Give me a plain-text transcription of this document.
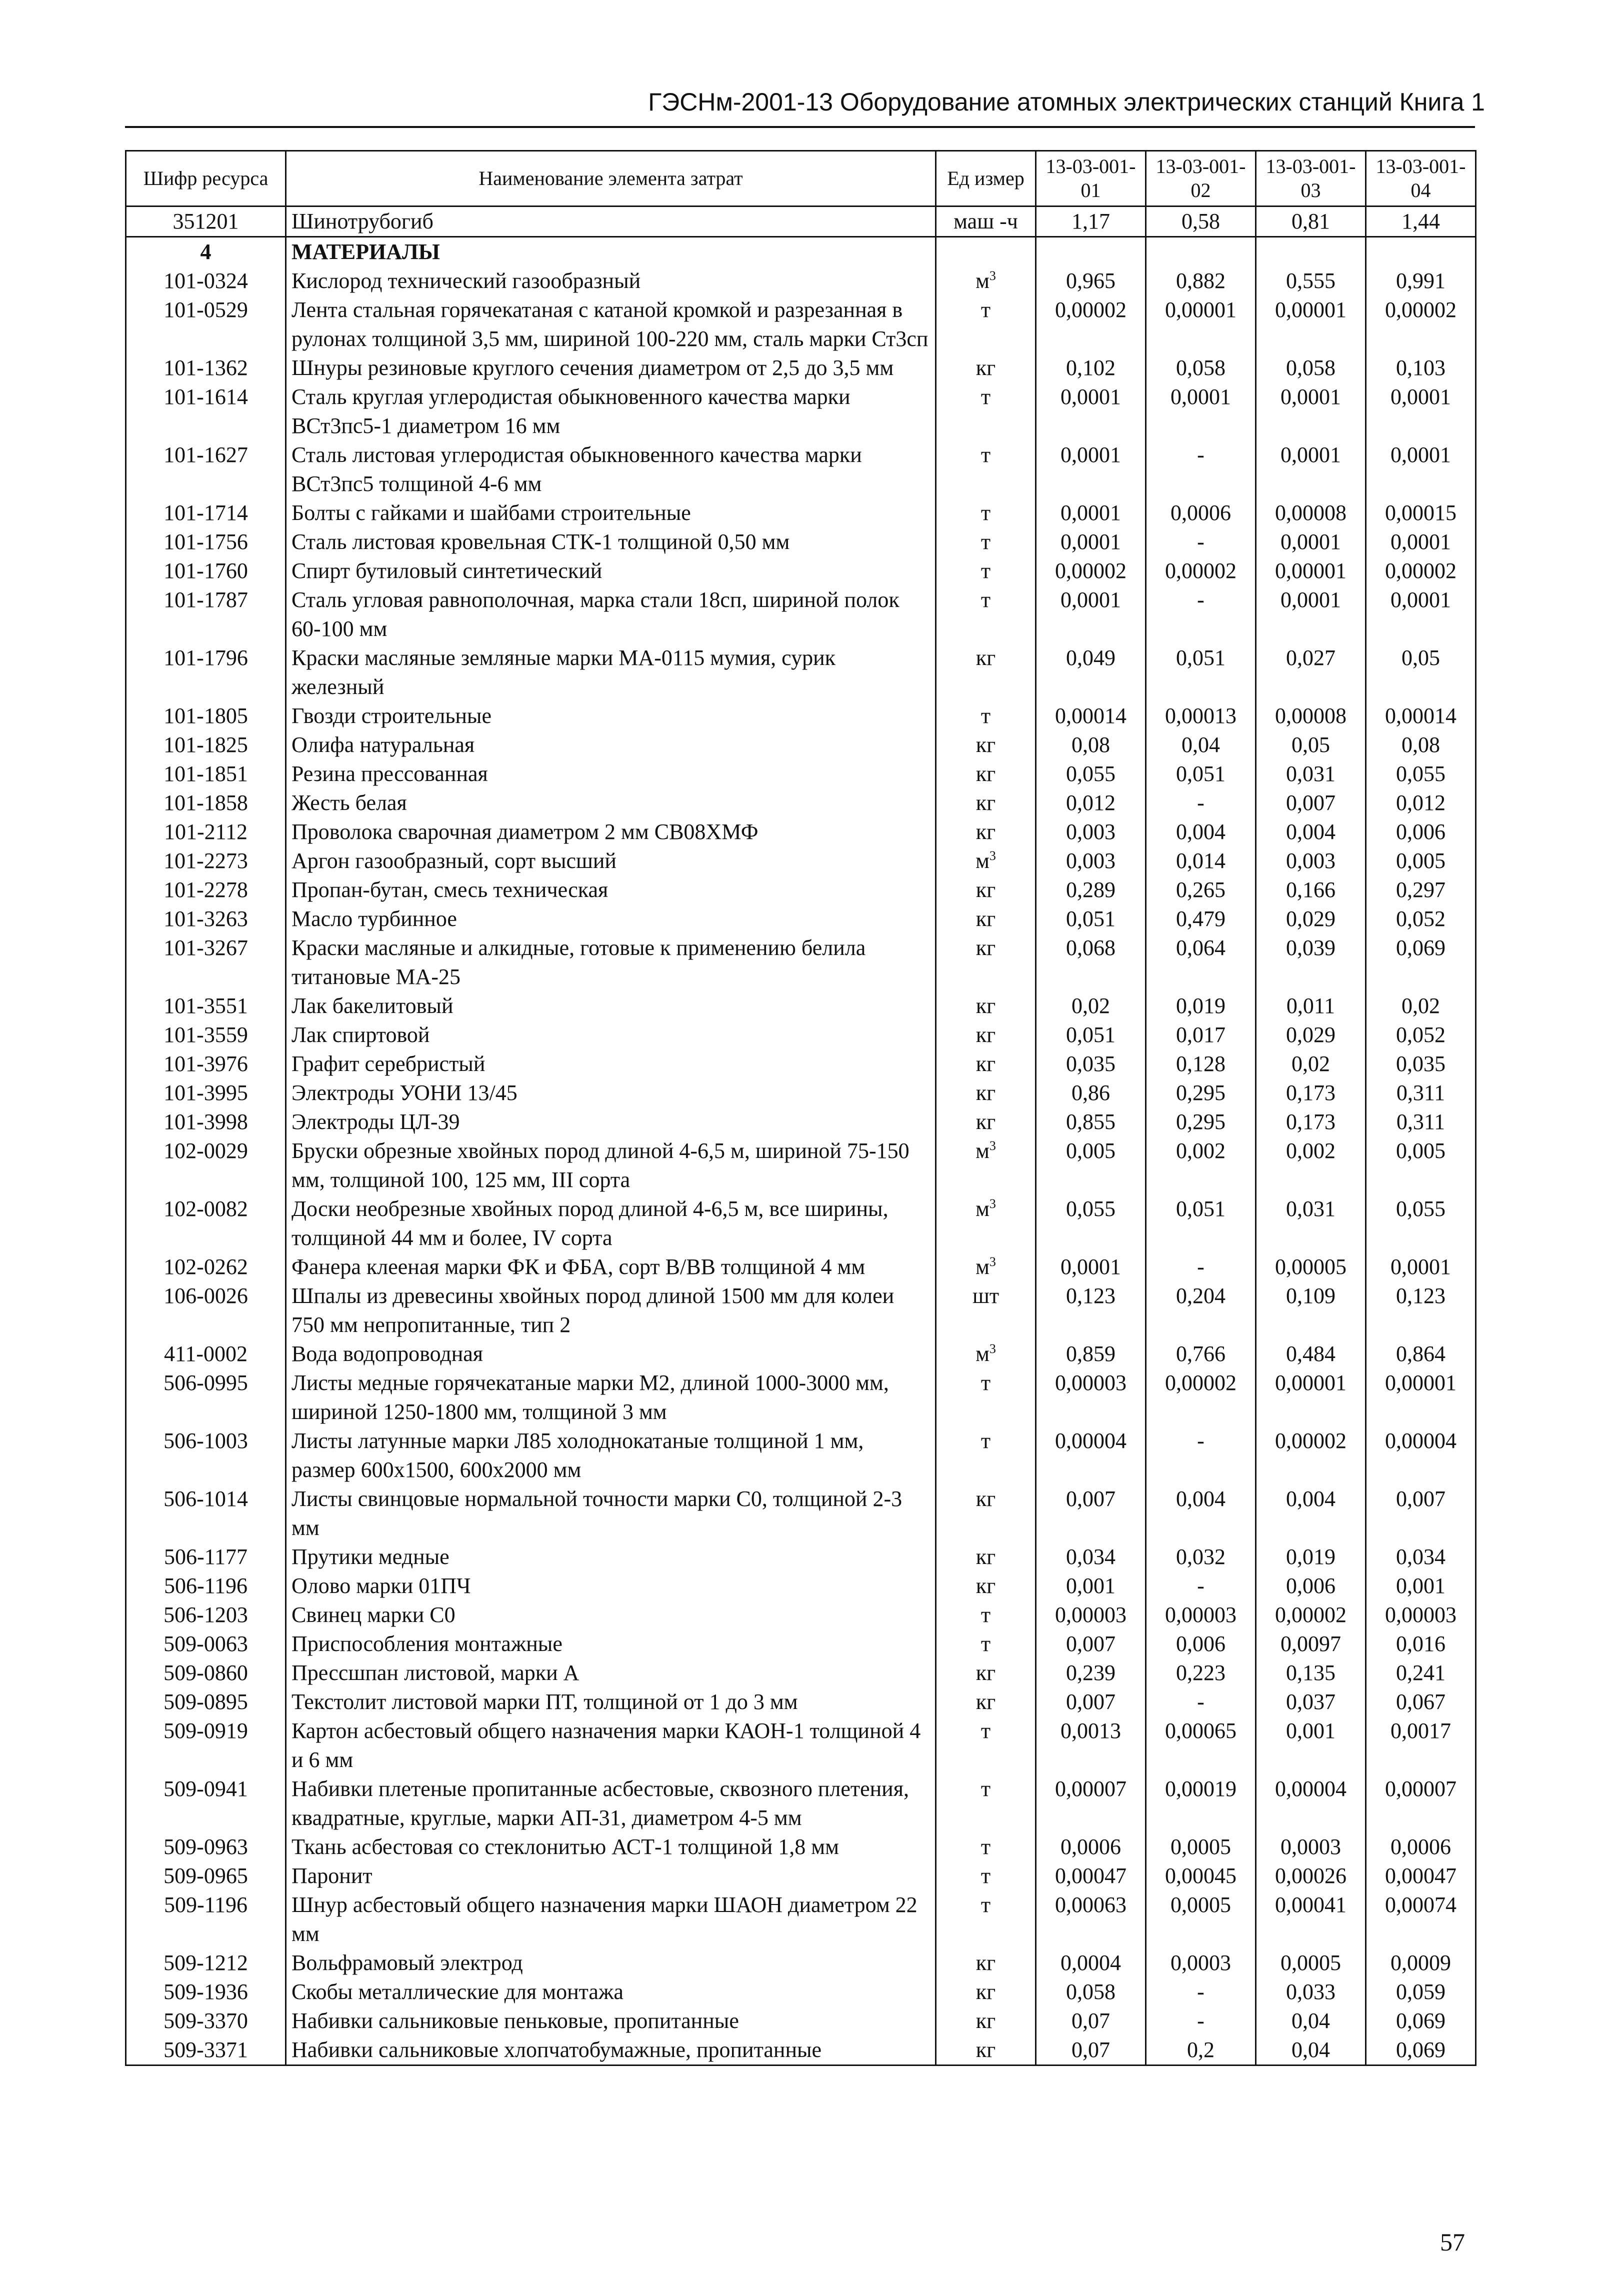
ГЭСНм-2001-13 Оборудование атомных электрических станций Книга 1
Шифр ресурса	Наименование элемента затрат	Ед измер	13-03-001-01	13-03-001-02	13-03-001-03	13-03-001-04
351201	Шинотрубогиб	маш -ч	1,17	0,58	0,81	1,44
4	МАТЕРИАЛЫ					
101-0324	Кислород технический газообразный	$м^3$	0,965	0,882	0,555	0,991
101-0529	Лента стальная горячекатаная с катаной кромкой и разрезанная в рулонах толщиной 3,5 мм, шириной 100-220 мм, сталь марки Ст3сп	т	0,00002	0,00001	0,00001	0,00002
101-1362	Шнуры резиновые круглого сечения диаметром от 2,5 до 3,5 мм	кг	0,102	0,058	0,058	0,103
101-1614	Сталь круглая углеродистая обыкновенного качества марки ВСт3пс5-1 диаметром 16 мм	т	0,0001	0,0001	0,0001	0,0001
101-1627	Сталь листовая углеродистая обыкновенного качества марки ВСт3пс5 толщиной 4-6 мм	т	0,0001	-	0,0001	0,0001
101-1714	Болты с гайками и шайбами строительные	т	0,0001	0,0006	0,00008	0,00015
101-1756	Сталь листовая кровельная СТК-1 толщиной 0,50 мм	т	0,0001	-	0,0001	0,0001
101-1760	Спирт бутиловый синтетический	т	0,00002	0,00002	0,00001	0,00002
101-1787	Сталь угловая равнополочная, марка стали 18сп, шириной полок 60-100 мм	т	0,0001	-	0,0001	0,0001
101-1796	Краски масляные земляные марки МА-0115 мумия, сурик железный	кг	0,049	0,051	0,027	0,05
101-1805	Гвозди строительные	т	0,00014	0,00013	0,00008	0,00014
101-1825	Олифа натуральная	кг	0,08	0,04	0,05	0,08
101-1851	Резина прессованная	кг	0,055	0,051	0,031	0,055
101-1858	Жесть белая	кг	0,012	-	0,007	0,012
101-2112	Проволока сварочная диаметром 2 мм СВ08ХМФ	кг	0,003	0,004	0,004	0,006
101-2273	Аргон газообразный, сорт высший	$м^3$	0,003	0,014	0,003	0,005
101-2278	Пропан-бутан, смесь техническая	кг	0,289	0,265	0,166	0,297
101-3263	Масло турбинное	кг	0,051	0,479	0,029	0,052
101-3267	Краски масляные и алкидные, готовые к применению белила титановые МА-25	кг	0,068	0,064	0,039	0,069
101-3551	Лак бакелитовый	кг	0,02	0,019	0,011	0,02
101-3559	Лак спиртовой	кг	0,051	0,017	0,029	0,052
101-3976	Графит серебристый	кг	0,035	0,128	0,02	0,035
101-3995	Электроды УОНИ 13/45	кг	0,86	0,295	0,173	0,311
101-3998	Электроды ЦЛ-39	кг	0,855	0,295	0,173	0,311
102-0029	Бруски обрезные хвойных пород длиной 4-6,5 м, шириной 75-150 мм, толщиной 100, 125 мм, III сорта	$м^3$	0,005	0,002	0,002	0,005
102-0082	Доски необрезные хвойных пород длиной 4-6,5 м, все ширины, толщиной 44 мм и более, IV сорта	$м^3$	0,055	0,051	0,031	0,055
102-0262	Фанера клееная марки ФК и ФБА, сорт В/ВВ толщиной 4 мм	$м^3$	0,0001	-	0,00005	0,0001
106-0026	Шпалы из древесины хвойных пород длиной 1500 мм для колеи 750 мм непропитанные, тип 2	шт	0,123	0,204	0,109	0,123
411-0002	Вода водопроводная	$м^3$	0,859	0,766	0,484	0,864
506-0995	Листы медные горячекатаные марки М2, длиной 1000-3000 мм, шириной 1250-1800 мм, толщиной 3 мм	т	0,00003	0,00002	0,00001	0,00001
506-1003	Листы латунные марки Л85 холоднокатаные толщиной 1 мм, размер 600х1500, 600х2000 мм	т	0,00004	-	0,00002	0,00004
506-1014	Листы свинцовые нормальной точности марки С0, толщиной 2-3 мм	кг	0,007	0,004	0,004	0,007
506-1177	Прутики медные	кг	0,034	0,032	0,019	0,034
506-1196	Олово марки 01ПЧ	кг	0,001	-	0,006	0,001
506-1203	Свинец марки С0	т	0,00003	0,00003	0,00002	0,00003
509-0063	Приспособления монтажные	т	0,007	0,006	0,0097	0,016
509-0860	Прессшпан листовой, марки А	кг	0,239	0,223	0,135	0,241
509-0895	Текстолит листовой марки ПТ, толщиной от 1 до 3 мм	кг	0,007	-	0,037	0,067
509-0919	Картон асбестовый общего назначения марки КАОН-1 толщиной 4 и 6 мм	т	0,0013	0,00065	0,001	0,0017
509-0941	Набивки плетеные пропитанные асбестовые, сквозного плетения, квадратные, круглые, марки АП-31, диаметром 4-5 мм	т	0,00007	0,00019	0,00004	0,00007
509-0963	Ткань асбестовая со стеклонитью АСТ-1 толщиной 1,8 мм	т	0,0006	0,0005	0,0003	0,0006
509-0965	Паронит	т	0,00047	0,00045	0,00026	0,00047
509-1196	Шнур асбестовый общего назначения марки ШАОН диаметром 22 мм	т	0,00063	0,0005	0,00041	0,00074
509-1212	Вольфрамовый электрод	кг	0,0004	0,0003	0,0005	0,0009
509-1936	Скобы металлические для монтажа	кг	0,058	-	0,033	0,059
509-3370	Набивки сальниковые пеньковые, пропитанные	кг	0,07	-	0,04	0,069
509-3371	Набивки сальниковые хлопчатобумажные, пропитанные	кг	0,07	0,2	0,04	0,069
57
